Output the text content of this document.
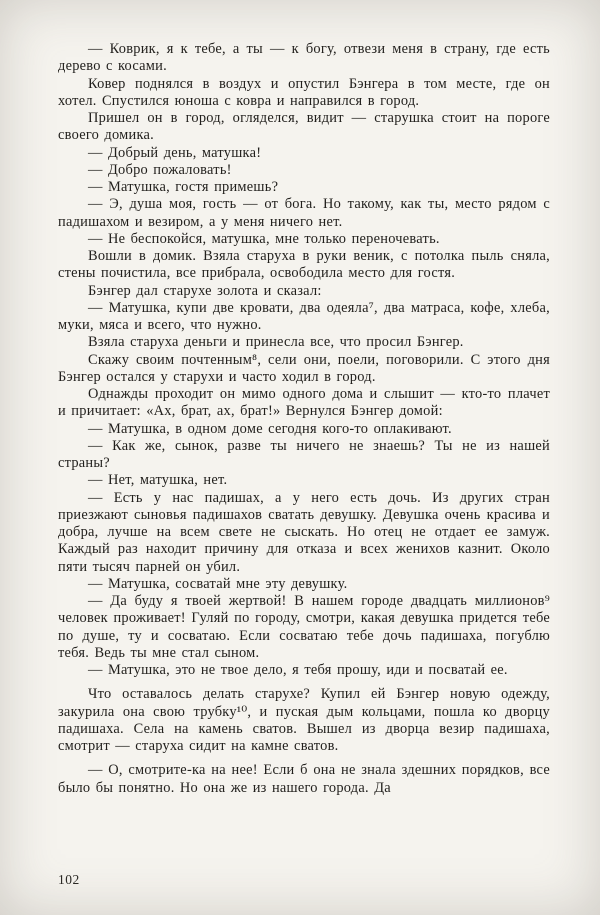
— Коврик, я к тебе, а ты — к богу, отвези меня в страну, где есть дерево с косами.

Ковер поднялся в воздух и опустил Бэнгера в том месте, где он хотел. Спустился юноша с ковра и направился в город.

Пришел он в город, огляделся, видит — старушка стоит на пороге своего домика.

— Добрый день, матушка!

— Добро пожаловать!

— Матушка, гостя примешь?

— Э, душа моя, гость — от бога. Но такому, как ты, место рядом с падишахом и везиром, а у меня ничего нет.

— Не беспокойся, матушка, мне только переночевать.

Вошли в домик. Взяла старуха в руки веник, с потолка пыль сняла, стены почистила, все прибрала, освободила место для гостя.

Бэнгер дал старухе золота и сказал:

— Матушка, купи две кровати, два одеяла⁷, два матраса, кофе, хлеба, муки, мяса и всего, что нужно.

Взяла старуха деньги и принесла все, что просил Бэнгер.

Скажу своим почтенным⁸, сели они, поели, поговорили. С этого дня Бэнгер остался у старухи и часто ходил в город.

Однажды проходит он мимо одного дома и слышит — кто-то плачет и причитает: «Ах, брат, ах, брат!» Вернулся Бэнгер домой:

— Матушка, в одном доме сегодня кого-то оплакивают.

— Как же, сынок, разве ты ничего не знаешь? Ты не из нашей страны?

— Нет, матушка, нет.

— Есть у нас падишах, а у него есть дочь. Из других стран приезжают сыновья падишахов сватать девушку. Девушка очень красива и добра, лучше на всем свете не сыскать. Но отец не отдает ее замуж. Каждый раз находит причину для отказа и всех женихов казнит. Около пяти тысяч парней он убил.

— Матушка, сосватай мне эту девушку.

— Да буду я твоей жертвой! В нашем городе двадцать миллионов⁹ человек проживает! Гуляй по городу, смотри, какая девушка придется тебе по душе, ту и сосватаю. Если сосватаю тебе дочь падишаха, погублю тебя. Ведь ты мне стал сыном.

— Матушка, это не твое дело, я тебя прошу, иди и посватай ее.

Что оставалось делать старухе? Купил ей Бэнгер новую одежду, закурила она свою трубку¹⁰, и пуская дым кольцами, пошла ко дворцу падишаха. Села на камень сватов. Вышел из дворца везир падишаха, смотрит — старуха сидит на камне сватов.

— О, смотрите-ка на нее! Если б она не знала здешних порядков, все было бы понятно. Но она же из нашего города. Да

102
